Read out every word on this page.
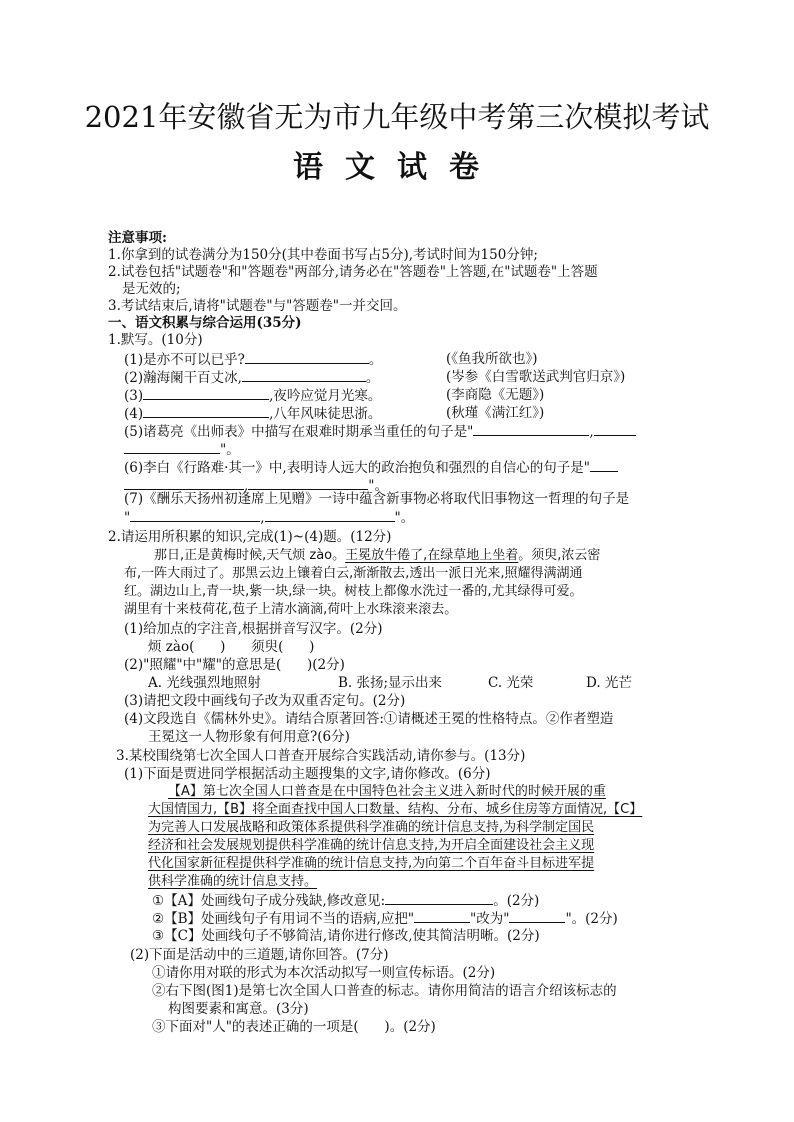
2021年安徽省无为市九年级中考第三次模拟考试
语文试卷
注意事项:
1.你拿到的试卷满分为150分(其中卷面书写占5分),考试时间为150分钟;
2.试卷包括"试题卷"和"答题卷"两部分,请务必在"答题卷"上答题,在"试题卷"上答题
是无效的;
3.考试结束后,请将"试题卷"与"答题卷"一并交回。
一、语文积累与综合运用(35分)
1.默写。(10分)
(1)是亦不可以已乎?	。	(《鱼我所欲也》)
(2)瀚海阑干百丈冰,	。	(岑参《白雪歌送武判官归京》)
(3)	,夜吟应觉月光寒。	(李商隐《无题》)
(4)	,八年风味徒思浙。	(秋瑾《满江红》)
(5)诸葛亮《出师表》中描写在艰难时期承当重任的句子是"	,
"。
(6)李白《行路难·其一》中,表明诗人远大的政治抱负和强烈的自信心的句子是"
,	"。
(7)《酬乐天扬州初逢席上见赠》一诗中蕴含新事物必将取代旧事物这一哲理的句子是
"	,	"。
2.请运用所积累的知识,完成(1)~(4)题。(12分)
那日,正是黄梅时候,天气烦 zào。王冕放牛倦了,在绿草地上坐着。须臾,浓云密
布,一阵大雨过了。那黑云边上镶着白云,渐渐散去,透出一派日光来,照耀得满湖通
红。湖边山上,青一块,紫一块,绿一块。树枝上都像水洗过一番的,尤其绿得可爱。
湖里有十来枝荷花,苞子上清水滴滴,荷叶上水珠滚来滚去。
(1)给加点的字注音,根据拼音写汉字。(2分)
烦 zào(      )      须臾(      )
(2)"照耀"中"耀"的意思是(      )(2分)
A. 光线强烈地照射	B. 张扬;显示出来	C. 光荣	D. 光芒
(3)请把文段中画线句子改为双重否定句。(2分)
(4)文段选自《儒林外史》。请结合原著回答:①请概述王冕的性格特点。②作者塑造
王冕这一人物形象有何用意?(6分)
3.某校围绕第七次全国人口普查开展综合实践活动,请你参与。(13分)
(1)下面是贾进同学根据活动主题搜集的文字,请你修改。(6分)
【A】第七次全国人口普查是在中国特色社会主义进入新时代的时候开展的重
大国情国力,【B】将全面查找中国人口数量、结构、分布、城乡住房等方面情况,【C】
为完善人口发展战略和政策体系提供科学准确的统计信息支持,为科学制定国民
经济和社会发展规划提供科学准确的统计信息支持,为开启全面建设社会主义现
代化国家新征程提供科学准确的统计信息支持,为向第二个百年奋斗目标进军提
供科学准确的统计信息支持。
①【A】处画线句子成分残缺,修改意见:	。(2分)
②【B】处画线句子有用词不当的语病,应把"	"改为"	"。(2分)
③【C】处画线句子不够简洁,请你进行修改,使其简洁明晰。(2分)
(2)下面是活动中的三道题,请你回答。(7分)
①请你用对联的形式为本次活动拟写一则宣传标语。(2分)
②右下图(图1)是第七次全国人口普查的标志。请你用简洁的语言介绍该标志的
构图要素和寓意。(3分)
③下面对"人"的表述正确的一项是(      )。(2分)
